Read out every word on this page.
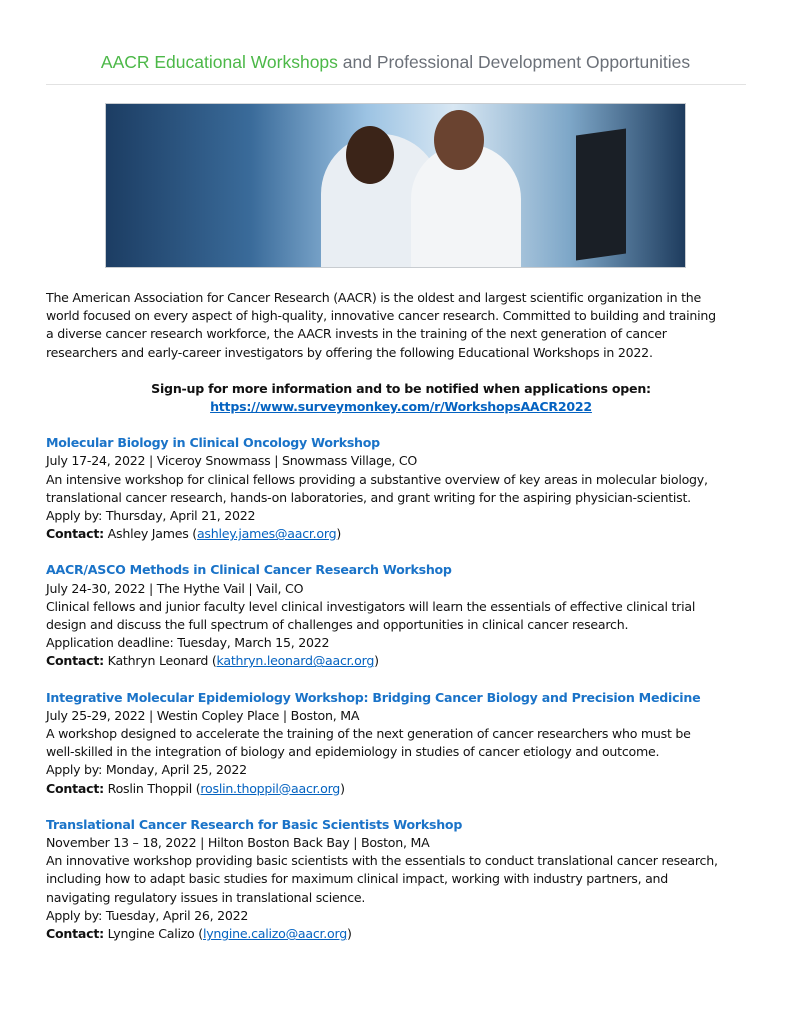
AACR Educational Workshops and Professional Development Opportunities
The American Association for Cancer Research (AACR) is the oldest and largest scientific organization in the
world focused on every aspect of high-quality, innovative cancer research. Committed to building and training
a diverse cancer research workforce, the AACR invests in the training of the next generation of cancer
researchers and early-career investigators by offering the following Educational Workshops in 2022.
Sign-up for more information and to be notified when applications open:
https://www.surveymonkey.com/r/WorkshopsAACR2022
Molecular Biology in Clinical Oncology Workshop
July 17-24, 2022 | Viceroy Snowmass | Snowmass Village, CO
An intensive workshop for clinical fellows providing a substantive overview of key areas in molecular biology,
translational cancer research, hands-on laboratories, and grant writing for the aspiring physician-scientist.
Apply by: Thursday, April 21, 2022
Contact: Ashley James (ashley.james@aacr.org)
AACR/ASCO Methods in Clinical Cancer Research Workshop
July 24-30, 2022 | The Hythe Vail | Vail, CO
Clinical fellows and junior faculty level clinical investigators will learn the essentials of effective clinical trial
design and discuss the full spectrum of challenges and opportunities in clinical cancer research.
Application deadline: Tuesday, March 15, 2022
Contact: Kathryn Leonard (kathryn.leonard@aacr.org)
Integrative Molecular Epidemiology Workshop: Bridging Cancer Biology and Precision Medicine
July 25-29, 2022 | Westin Copley Place | Boston, MA
A workshop designed to accelerate the training of the next generation of cancer researchers who must be
well-skilled in the integration of biology and epidemiology in studies of cancer etiology and outcome.
Apply by: Monday, April 25, 2022
Contact: Roslin Thoppil (roslin.thoppil@aacr.org)
Translational Cancer Research for Basic Scientists Workshop
November 13 – 18, 2022 | Hilton Boston Back Bay | Boston, MA
An innovative workshop providing basic scientists with the essentials to conduct translational cancer research,
including how to adapt basic studies for maximum clinical impact, working with industry partners, and
navigating regulatory issues in translational science.
Apply by: Tuesday, April 26, 2022
Contact: Lyngine Calizo (lyngine.calizo@aacr.org)
